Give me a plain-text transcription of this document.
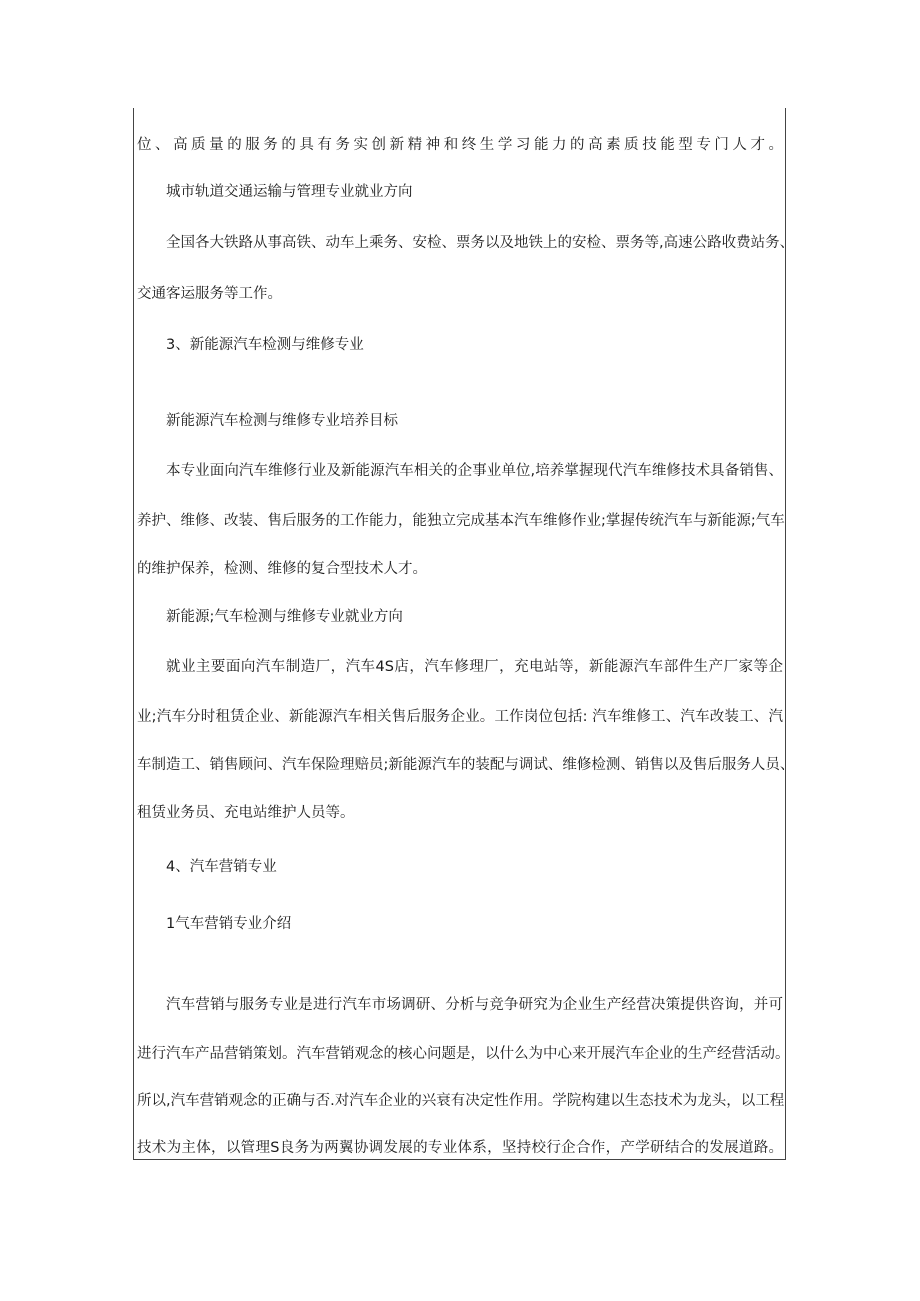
位、高质量的服务的具有务实创新精神和终生学习能力的高素质技能型专门人才。
城市轨道交通运输与管理专业就业方向
全国各大铁路从事高铁、动车上乘务、安检、票务以及地铁上的安检、票务等,高速公路收费站务、
交通客运服务等工作。
3、新能源汽车检测与维修专业
新能源汽车检测与维修专业培养目标
本专业面向汽车维修行业及新能源汽车相关的企事业单位,培养掌握现代汽车维修技术具备销售、
养护、维修、改装、售后服务的工作能力，能独立完成基本汽车维修作业;掌握传统汽车与新能源;气车
的维护保养，检测、维修的复合型技术人才。
新能源;气车检测与维修专业就业方向
就业主要面向汽车制造厂，汽车4S店，汽车修理厂，充电站等，新能源汽车部件生产厂家等企
业;汽车分时租赁企业、新能源汽车相关售后服务企业。工作岗位包括: 汽车维修工、汽车改装工、汽
车制造工、销售顾问、汽车保险理赔员;新能源汽车的装配与调试、维修检测、销售以及售后服务人员、
租赁业务员、充电站维护人员等。
4、汽车营销专业
1气车营销专业介绍
汽车营销与服务专业是进行汽车市场调研、分析与竞争研究为企业生产经营决策提供咨询，并可
进行汽车产品营销策划。汽车营销观念的核心问题是，以什么为中心来开展汽车企业的生产经营活动。
所以,汽车营销观念的正确与否.对汽车企业的兴衰有决定性作用。学院构建以生态技术为龙头，以工程
技术为主体，以管理S良务为两翼协调发展的专业体系，坚持校行企合作，产学研结合的发展道路。
